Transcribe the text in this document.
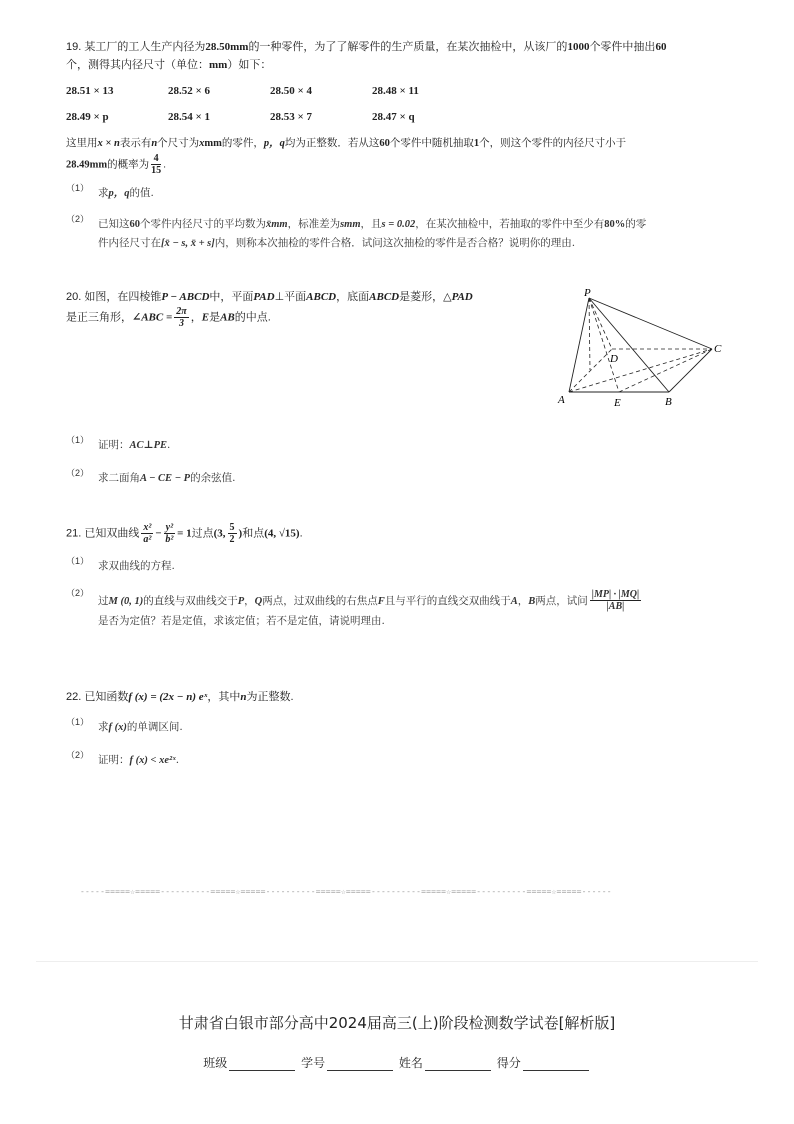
19. 某工厂的工人生产内径为28.50mm的一种零件，为了了解零件的生产质量，在某次抽检中，从该厂的1000个零件中抽出60
个，测得其内径尺寸（单位：mm）如下：
28.51 × 13	28.52 × 6	28.50 × 4	28.48 × 11
28.49 × p	28.54 × 1	28.53 × 7	28.47 × q
这里用x × n表示有n个尺寸为xmm的零件，p，q均为正整数．若从这60个零件中随机抽取1个，则这个零件的内径尺寸小于
28.49mm的概率为 $\frac{4}{15}$ .
（1） 求p，q的值.
（2） 已知这60个零件内径尺寸的平均数为x̄mm，标准差为smm，且s = 0.02，在某次抽检中，若抽取的零件中至少有80%的零
件内径尺寸在[x̄ − s, x̄ + s]内，则称本次抽检的零件合格．试问这次抽检的零件是否合格？说明你的理由.
20. 如图，在四棱锥P − ABCD中，平面PAD⊥平面ABCD，底面ABCD是菱形，△PAD
是正三角形，∠ABC = $\frac{2\pi}{3}$ ，E是AB的中点.
P
D
C
A	E	B
（1） 证明：AC⊥PE.
（2） 求二面角A − CE − P的余弦值.
21. 已知双曲线 $\frac{\text{x²}}{\text{a²}} - \frac{\text{y²}}{\text{b²}} = 1$过点(3, $\frac{5}{2}$ )和点(4, √15).
（1） 求双曲线的方程.
（2）
过M (0, 1)的直线与双曲线交于P，Q两点，过双曲线的右焦点F且与平行的直线交双曲线于A，B两点，试问 $\frac{|MP| \cdot |MQ|}{|AB|}$

是否为定值？若是定值，求该定值；若不是定值，请说明理由.
22. 已知函数f (x) = (2x − n) eˣ，其中n为正整数.
（1） 求f (x)的单调区间.
（2） 证明：f (x) < xe²ˣ.
-----=====☆=====----------=====☆=====----------=====☆=====----------=====☆=====----------=====☆=====------
甘肃省白银市部分高中2024届高三(上)阶段检测数学试卷[解析版]
班级	学号	姓名	得分
